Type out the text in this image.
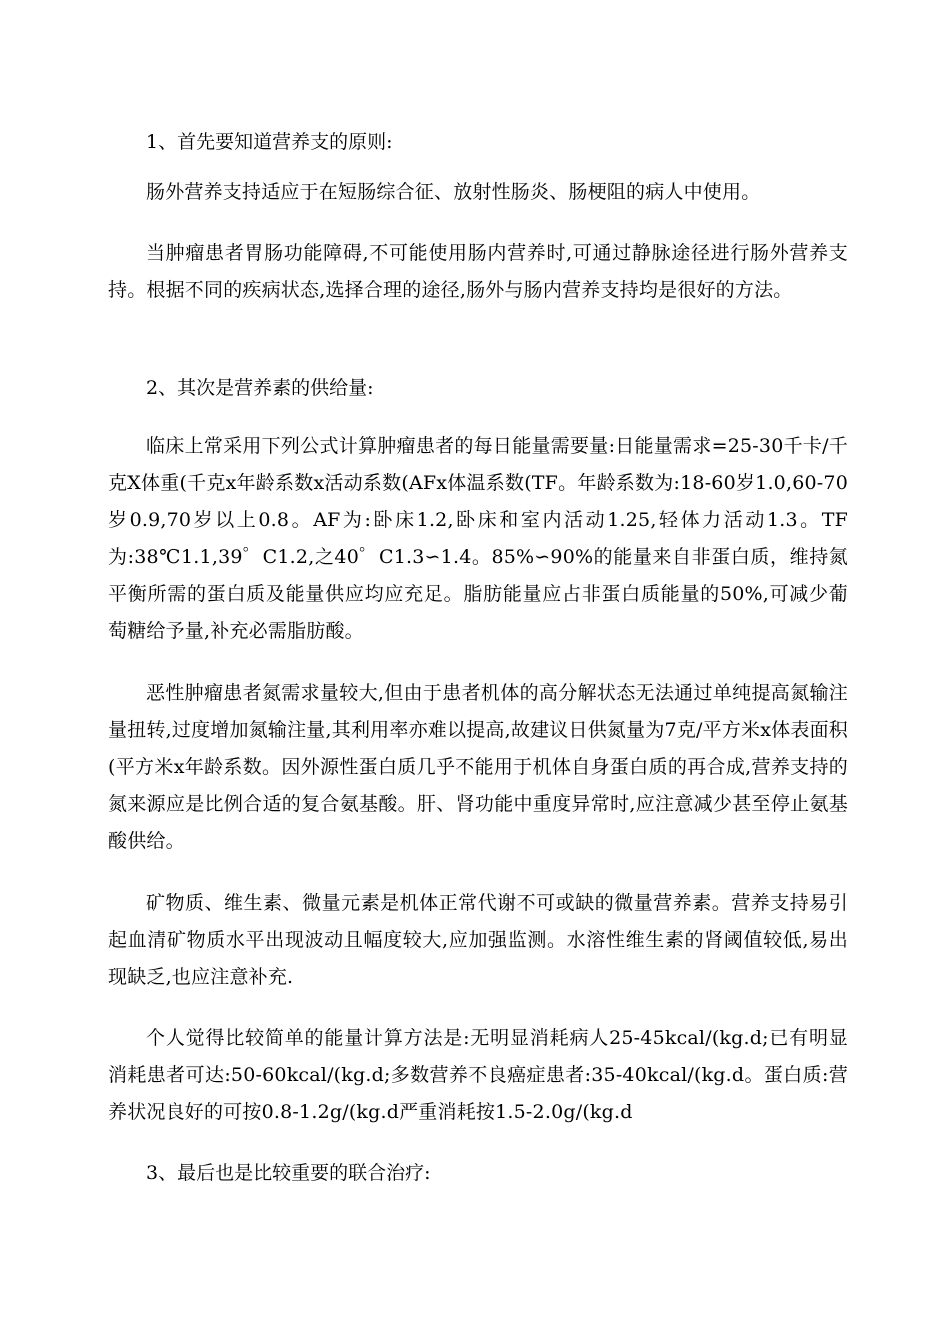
1、首先要知道营养支的原则:

肠外营养支持适应于在短肠综合征、放射性肠炎、肠梗阻的病人中使用。

当肿瘤患者胃肠功能障碍,不可能使用肠内营养时,可通过静脉途径进行肠外营养支持。根据不同的疾病状态,选择合理的途径,肠外与肠内营养支持均是很好的方法。

2、其次是营养素的供给量:

临床上常采用下列公式计算肿瘤患者的每日能量需要量:日能量需求=25-30千卡/千克X体重(千克x年龄系数x活动系数(AFx体温系数(TF。年龄系数为:18-60岁1.0,60-70岁0.9,70岁以上0.8。AF为:卧床1.2,卧床和室内活动1.25,轻体力活动1.3。TF为:38℃1.1,39゜C1.2,之40゜C1.3∽1.4。85%∽90%的能量来自非蛋白质，维持氮平衡所需的蛋白质及能量供应均应充足。脂肪能量应占非蛋白质能量的50%,可减少葡萄糖给予量,补充必需脂肪酸。

恶性肿瘤患者氮需求量较大,但由于患者机体的高分解状态无法通过单纯提高氮输注量扭转,过度增加氮输注量,其利用率亦难以提高,故建议日供氮量为7克/平方米x体表面积(平方米x年龄系数。因外源性蛋白质几乎不能用于机体自身蛋白质的再合成,营养支持的氮来源应是比例合适的复合氨基酸。肝、肾功能中重度异常时,应注意减少甚至停止氨基酸供给。

矿物质、维生素、微量元素是机体正常代谢不可或缺的微量营养素。营养支持易引起血清矿物质水平出现波动且幅度较大,应加强监测。水溶性维生素的肾阈值较低,易出现缺乏,也应注意补充.

个人觉得比较简单的能量计算方法是:无明显消耗病人25-45kcal/(kg.d;已有明显消耗患者可达:50-60kcal/(kg.d;多数营养不良癌症患者:35-40kcal/(kg.d。蛋白质:营养状况良好的可按0.8-1.2g/(kg.d严重消耗按1.5-2.0g/(kg.d

3、最后也是比较重要的联合治疗:
